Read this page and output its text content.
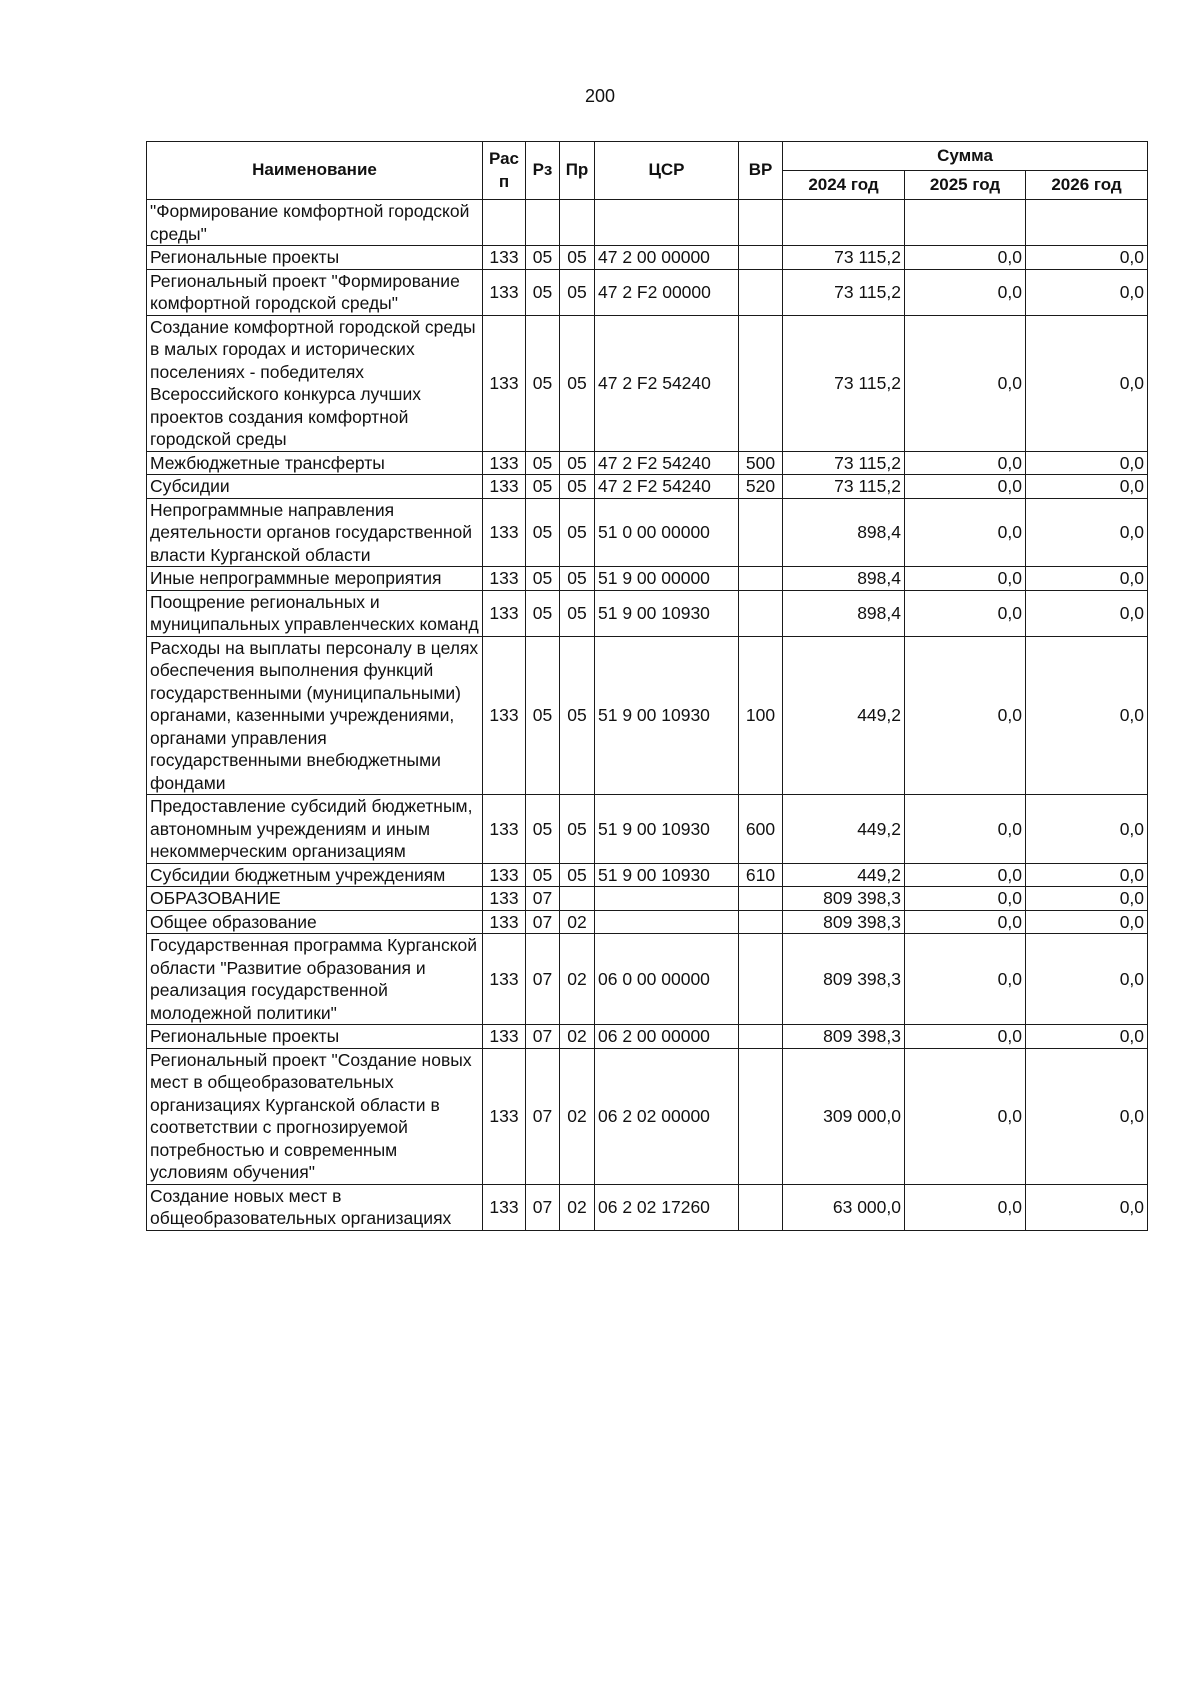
200
Наименование	Рас п	Рз	Пр	ЦСР	ВР	Сумма		
						2024 год	2025 год	2026 год
"Формирование комфортной городской среды"								
Региональные проекты	133	05	05	47 2 00 00000		73 115,2	0,0	0,0
Региональный проект "Формирование комфортной городской среды"	133	05	05	47 2 F2 00000		73 115,2	0,0	0,0
Создание комфортной городской среды в малых городах и исторических поселениях - победителях Всероссийского конкурса лучших проектов создания комфортной городской среды	133	05	05	47 2 F2 54240		73 115,2	0,0	0,0
Межбюджетные трансферты	133	05	05	47 2 F2 54240	500	73 115,2	0,0	0,0
Субсидии	133	05	05	47 2 F2 54240	520	73 115,2	0,0	0,0
Непрограммные направления деятельности органов государственной власти Курганской области	133	05	05	51 0 00 00000		898,4	0,0	0,0
Иные непрограммные мероприятия	133	05	05	51 9 00 00000		898,4	0,0	0,0
Поощрение региональных и муниципальных управленческих команд	133	05	05	51 9 00 10930		898,4	0,0	0,0
Расходы на выплаты персоналу в целях обеспечения выполнения функций государственными (муниципальными) органами, казенными учреждениями, органами управления государственными внебюджетными фондами	133	05	05	51 9 00 10930	100	449,2	0,0	0,0
Предоставление субсидий бюджетным, автономным учреждениям и иным некоммерческим организациям	133	05	05	51 9 00 10930	600	449,2	0,0	0,0
Субсидии бюджетным учреждениям	133	05	05	51 9 00 10930	610	449,2	0,0	0,0
ОБРАЗОВАНИЕ	133	07				809 398,3	0,0	0,0
Общее образование	133	07	02			809 398,3	0,0	0,0
Государственная программа Курганской области "Развитие образования и реализация государственной молодежной политики"	133	07	02	06 0 00 00000		809 398,3	0,0	0,0
Региональные проекты	133	07	02	06 2 00 00000		809 398,3	0,0	0,0
Региональный проект "Создание новых мест в общеобразовательных организациях Курганской области в соответствии с прогнозируемой потребностью и современным условиям обучения"	133	07	02	06 2 02 00000		309 000,0	0,0	0,0
Создание новых мест в общеобразовательных организациях	133	07	02	06 2 02 17260		63 000,0	0,0	0,0
